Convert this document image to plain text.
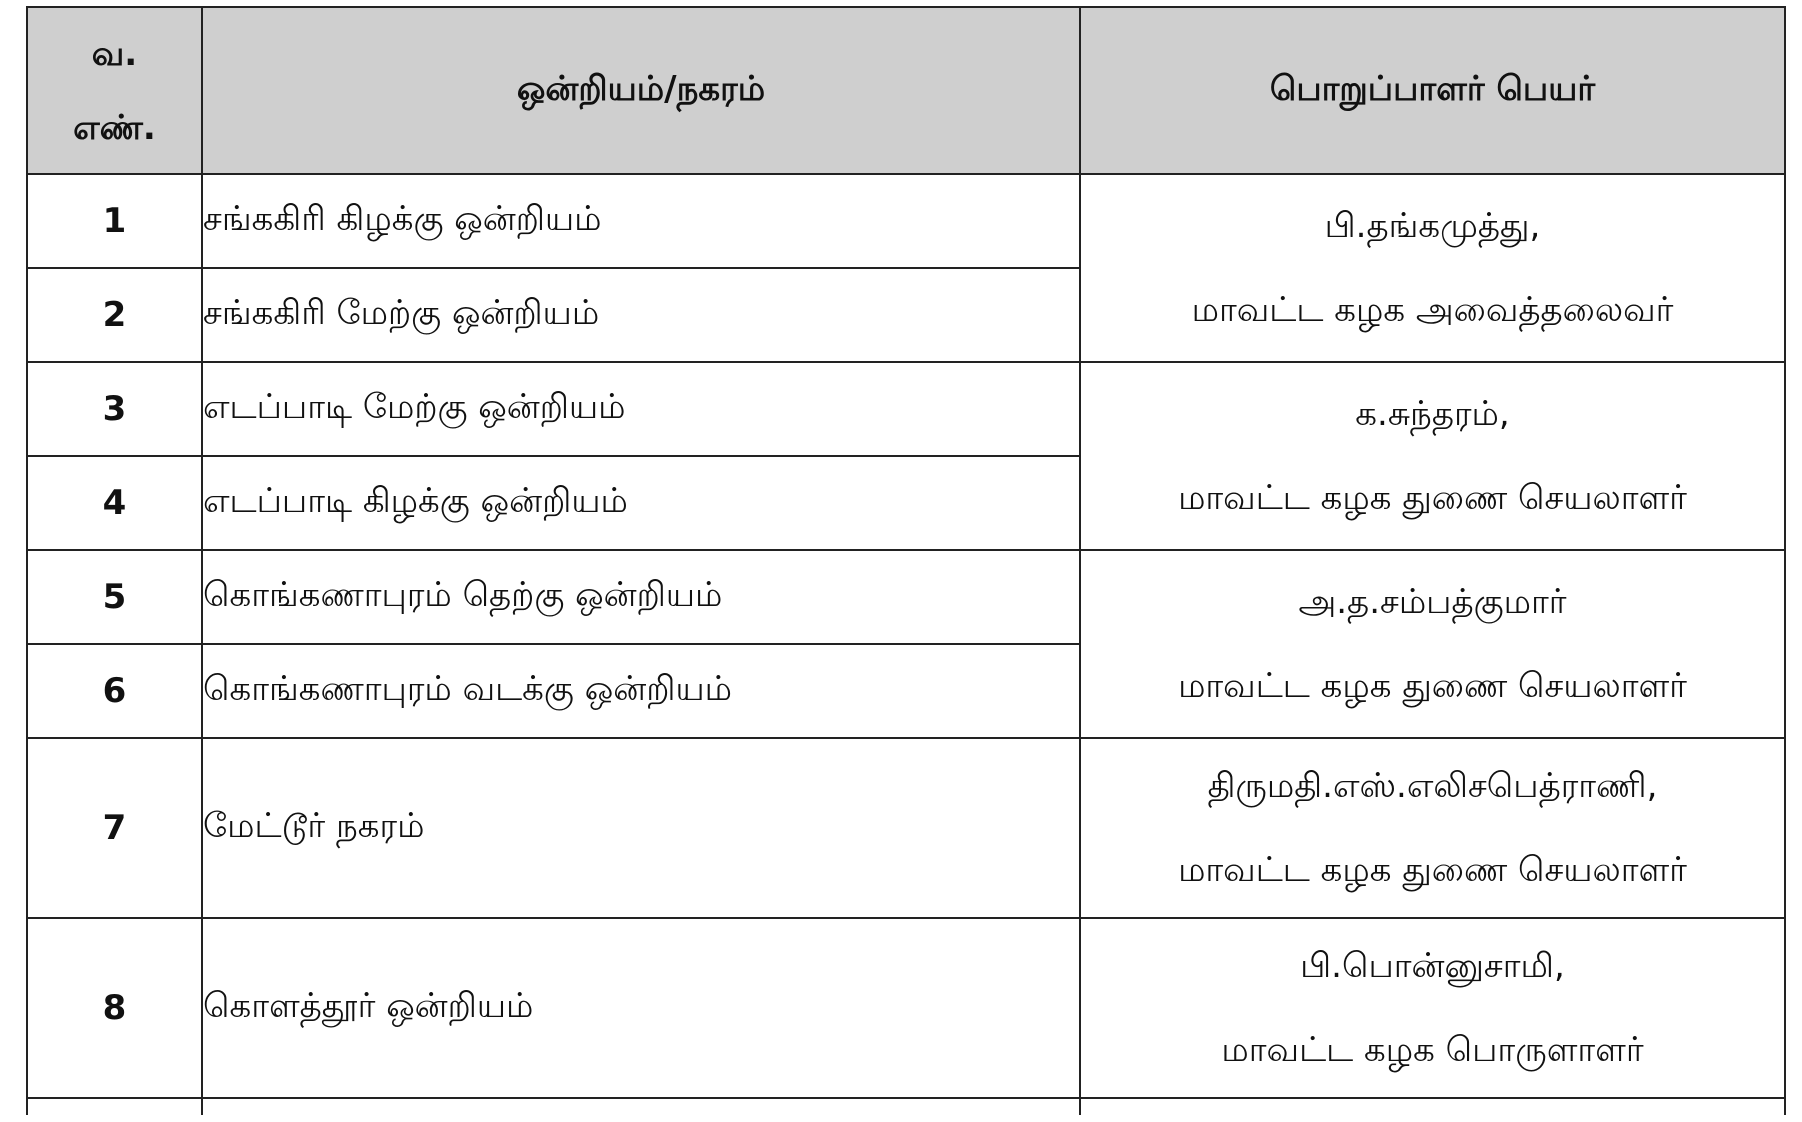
வ.
எண்.	ஒன்றியம்/நகரம்	பொறுப்பாளர் பெயர்
1	சங்ககிரி கிழக்கு ஒன்றியம்	பி.தங்கமுத்து,
மாவட்ட கழக அவைத்தலைவர்

2	சங்ககிரி மேற்கு ஒன்றியம்	
3	எடப்பாடி மேற்கு ஒன்றியம்	க.சுந்தரம்,
மாவட்ட கழக துணை செயலாளர்

4	எடப்பாடி கிழக்கு ஒன்றியம்	
5	கொங்கணாபுரம் தெற்கு ஒன்றியம்	அ.த.சம்பத்குமார்
மாவட்ட கழக துணை செயலாளர்

6	கொங்கணாபுரம் வடக்கு ஒன்றியம்	
7	மேட்டூர் நகரம்	திருமதி.எஸ்.எலிசபெத்ராணி,
மாவட்ட கழக துணை செயலாளர்

8	கொளத்தூர் ஒன்றியம்	பி.பொன்னுசாமி,
மாவட்ட கழக பொருளாளர்
